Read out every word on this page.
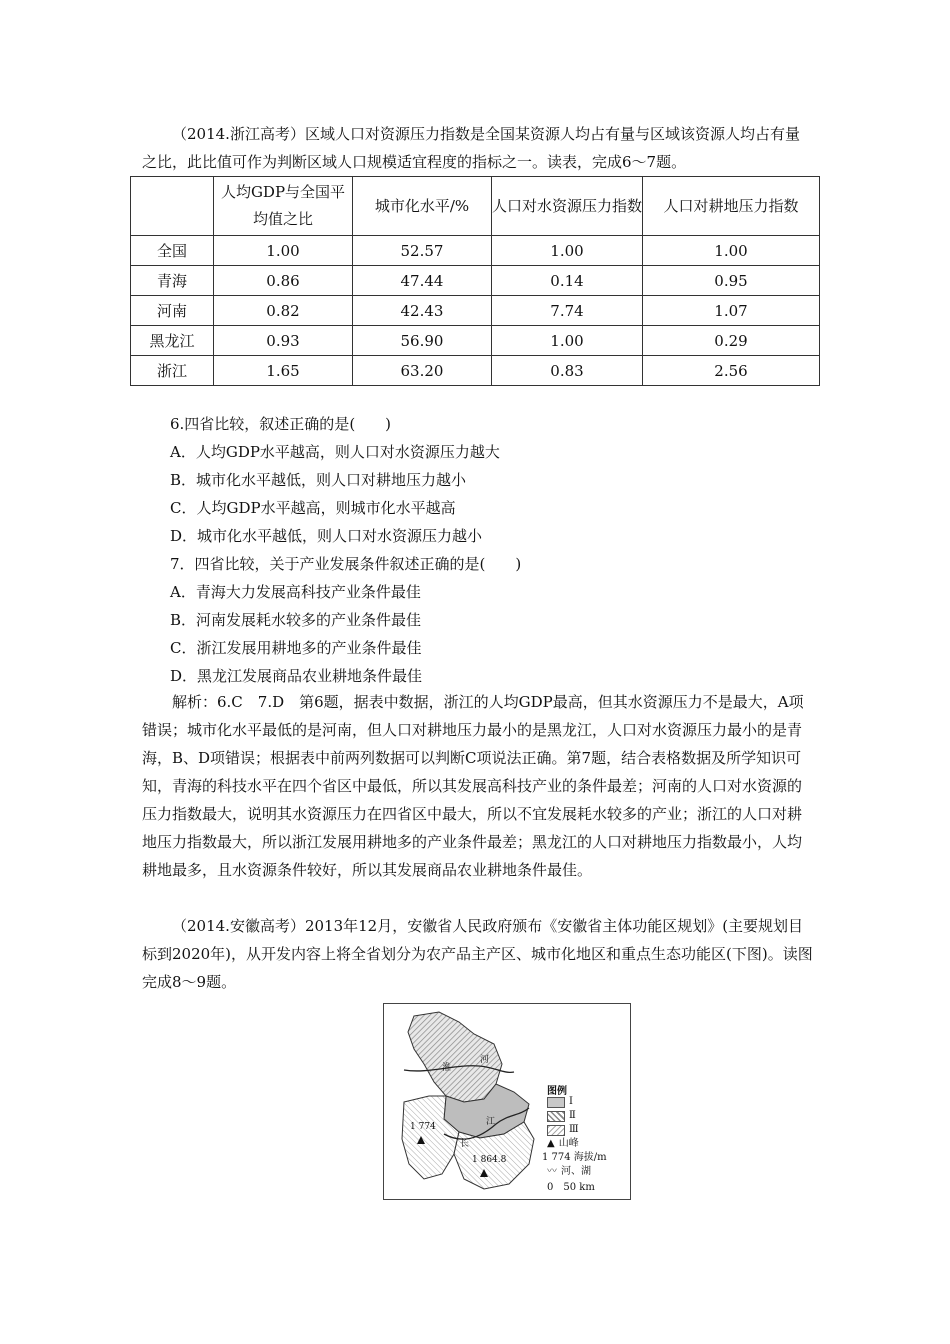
（2014.浙江高考）区域人口对资源压力指数是全国某资源人均占有量与区域该资源人均占有量之比，此比值可作为判断区域人口规模适宜程度的指标之一。读表，完成6～7题。

	人均GDP与全国平均值之比	城市化水平/%	人口对水资源压力指数	人口对耕地压力指数
全国	1.00	52.57	1.00	1.00
青海	0.86	47.44	0.14	0.95
河南	0.82	42.43	7.74	1.07
黑龙江	0.93	56.90	1.00	0.29
浙江	1.65	63.20	0.83	2.56
6.四省比较，叙述正确的是(　　)
A．人均GDP水平越高，则人口对水资源压力越大
B．城市化水平越低，则人口对耕地压力越小
C．人均GDP水平越高，则城市化水平越高
D．城市化水平越低，则人口对水资源压力越小
7．四省比较，关于产业发展条件叙述正确的是(　　)
A．青海大力发展高科技产业条件最佳
B．河南发展耗水较多的产业条件最佳
C．浙江发展用耕地多的产业条件最佳
D．黑龙江发展商品农业耕地条件最佳

解析：6.C　7.D　第6题，据表中数据，浙江的人均GDP最高，但其水资源压力不是最大，A项错误；城市化水平最低的是河南，但人口对耕地压力最小的是黑龙江，人口对水资源压力最小的是青海，B、D项错误；根据表中前两列数据可以判断C项说法正确。第7题，结合表格数据及所学知识可知，青海的科技水平在四个省区中最低，所以其发展高科技产业的条件最差；河南的人口对水资源的压力指数最大，说明其水资源压力在四省区中最大，所以不宜发展耗水较多的产业；浙江的人口对耕地压力指数最大，所以浙江发展用耕地多的产业条件最差；黑龙江的人口对耕地压力指数最小，人均耕地最多，且水资源条件较好，所以其发展商品农业耕地条件最佳。

（2014.安徽高考）2013年12月，安徽省人民政府颁布《安徽省主体功能区规划》(主要规划目标到2020年)，从开发内容上将全省划分为农产品主产区、城市化地区和重点生态功能区(下图)。读图完成8～9题。

淮
河
江
长
1 774
1 864.8
图例
Ⅰ
Ⅱ
Ⅲ
▲ 山峰
1 774 海拔/m
〰 河、湖
0　50 km
